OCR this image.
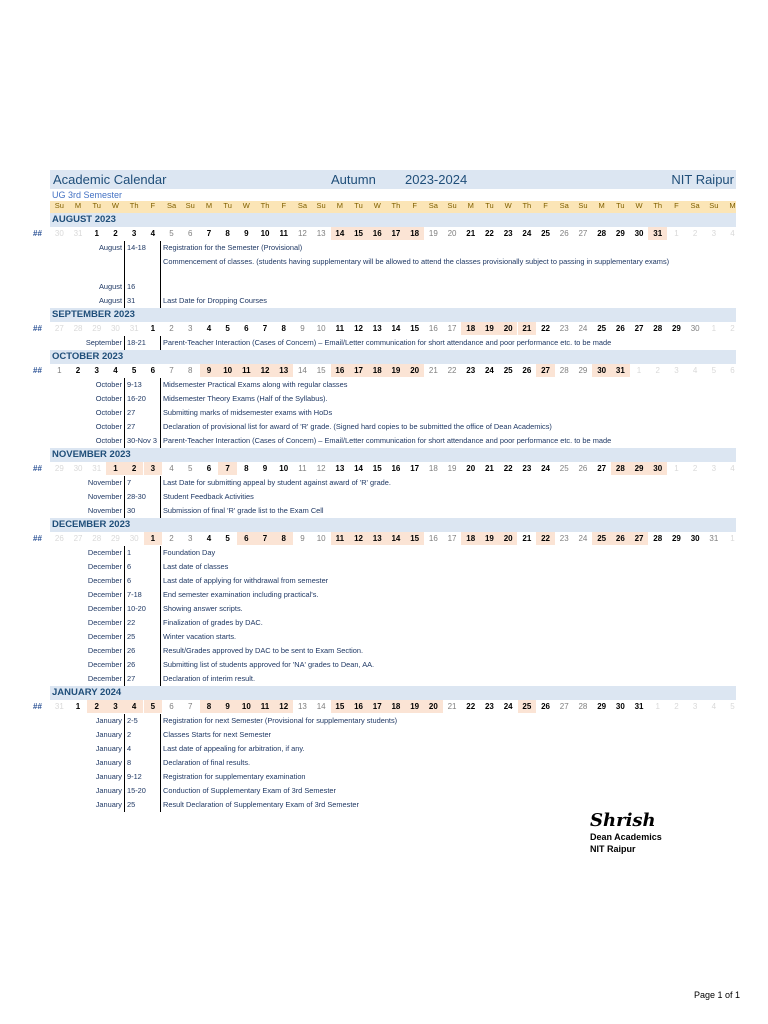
Academic Calendar	Autumn 2023-2024	NIT Raipur
UG 3rd Semester
Su	M	Tu	W	Th	F	Sa	Su	M	Tu	W	Th	F	Sa	Su	M	Tu	W	Th	F	Sa	Su	M	Tu	W	Th	F	Sa	Su	M	Tu	W	Th	F	Sa	Su	M
AUGUST 2023
##	30	31	1	2	3	4	5	6	7	8	9	10	11	12	13	14	15	16	17	18	19	20	21	22	23	24	25	26	27	28	29	30	31	1	2	3	4
August 14-18	Registration for the Semester (Provisional)
Commencement of classes. (students having supplementary will be allowed to attend the classes provisionally subject to passing in supplementary exams)
August 16
August 31	Last Date for Dropping Courses
SEPTEMBER 2023
##	27	28	29	30	31	1	2	3	4	5	6	7	8	9	10	11	12	13	14	15	16	17	18	19	20	21	22	23	24	25	26	27	28	29	30	1	2
September 18-21	Parent-Teacher Interaction (Cases of Concern) – Email/Letter communication for short attendance and poor performance etc. to be made
OCTOBER 2023
##	1	2	3	4	5	6	7	8	9	10	11	12	13	14	15	16	17	18	19	20	21	22	23	24	25	26	27	28	29	30	31	1	2	3	4	5	6
October 9-13	Midsemester Practical Exams along with regular classes
October 16-20	Midsemester Theory Exams (Half of the Syllabus).
October 27	Submitting marks of midsemester exams with HoDs
October 27	Declaration of provisional list for award of 'R' grade. (Signed hard copies to be submitted the office of Dean Academics)
October 30-Nov 3 Parent-Teacher Interaction (Cases of Concern) – Email/Letter communication for short attendance and poor performance etc. to be made
NOVEMBER 2023
##	29	30	31	1	2	3	4	5	6	7	8	9	10	11	12	13	14	15	16	17	18	19	20	21	22	23	24	25	26	27	28	29	30	1	2	3	4
November 7	Last Date for submitting appeal by student against award of 'R' grade.
November 28-30	Student Feedback Activities
November 30	Submission of final 'R' grade list to the Exam Cell
DECEMBER 2023
##	26	27	28	29	30	1	2	3	4	5	6	7	8	9	10	11	12	13	14	15	16	17	18	19	20	21	22	23	24	25	26	27	28	29	30	31	1
December 1	Foundation Day
December 6	Last date of classes
December 6	Last date of applying for withdrawal from semester
December 7-18	End semester examination including practical's.
December 10-20	Showing answer scripts.
December 22	Finalization of grades by DAC.
December 25	Winter vacation starts.
December 26	Result/Grades approved by DAC to be sent to Exam Section.
December 26	Submitting list of students approved for 'NA' grades to Dean, AA.
December 27	Declaration of interim result.
JANUARY 2024
##	31	1	2	3	4	5	6	7	8	9	10	11	12	13	14	15	16	17	18	19	20	21	22	23	24	25	26	27	28	29	30	31	1	2	3	4	5
January 2-5	Registration for next Semester (Provisional for supplementary students)
January 2	Classes Starts for next Semester
January 4	Last date of appealing for arbitration, if any.
January 8	Declaration of final results.
January 9-12	Registration for supplementary examination
January 15-20	Conduction of Supplementary Exam of 3rd Semester
January 25	Result Declaration of Supplementary Exam of 3rd Semester
Shrish
Dean Academics
NIT Raipur
Page 1 of 1
